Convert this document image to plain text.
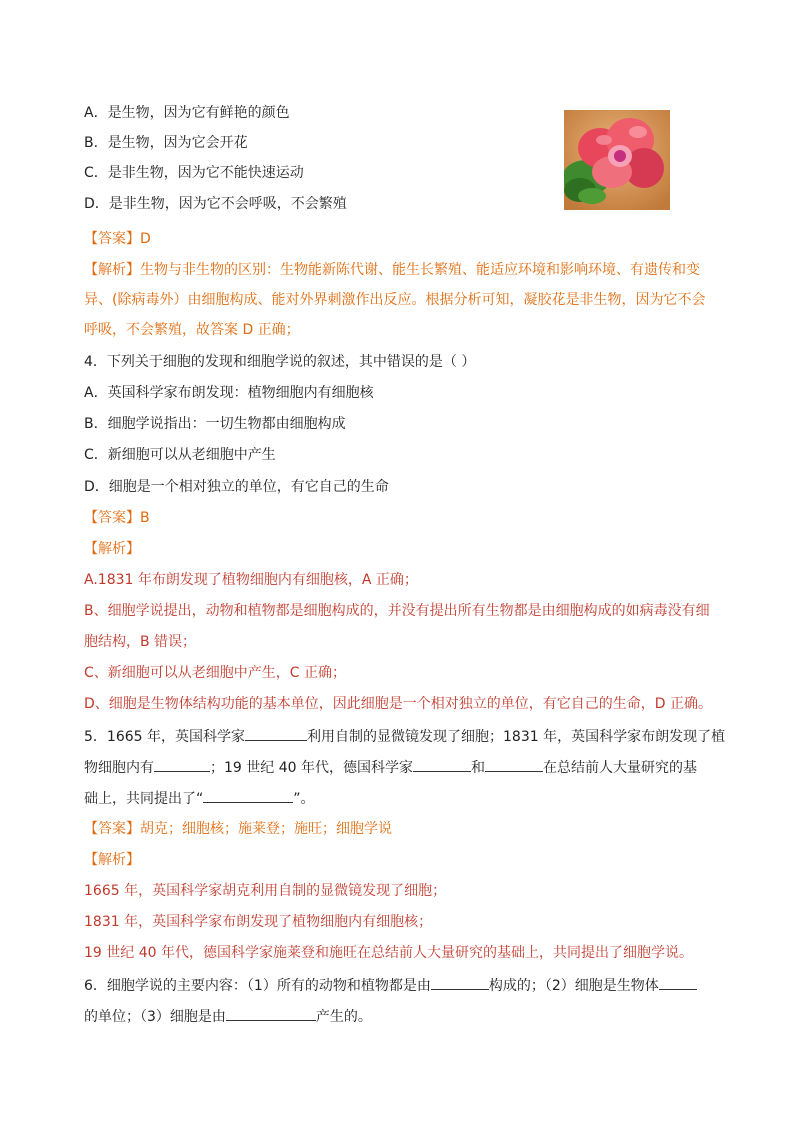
A．是生物，因为它有鲜艳的颜色
B．是生物，因为它会开花
C．是非生物，因为它不能快速运动
D．是非生物，因为它不会呼吸，不会繁殖
【答案】D
【解析】生物与非生物的区别：生物能新陈代谢、能生长繁殖、能适应环境和影响环境、有遗传和变
异、(除病毒外）由细胞构成、能对外界刺激作出反应。根据分析可知，凝胶花是非生物，因为它不会
呼吸，不会繁殖，故答案 D 正确；
4．下列关于细胞的发现和细胞学说的叙述，其中错误的是（ ）
A．英国科学家布朗发现：植物细胞内有细胞核
B．细胞学说指出：一切生物都由细胞构成
C．新细胞可以从老细胞中产生
D．细胞是一个相对独立的单位，有它自己的生命
【答案】B
【解析】
A.1831 年布朗发现了植物细胞内有细胞核，A 正确；
B、细胞学说提出，动物和植物都是细胞构成的，并没有提出所有生物都是由细胞构成的如病毒没有细
胞结构，B 错误；
C、新细胞可以从老细胞中产生，C 正确；
D、细胞是生物体结构功能的基本单位，因此细胞是一个相对独立的单位，有它自己的生命，D 正确。
5．1665 年，英国科学家	利用自制的显微镜发现了细胞；1831 年，英国科学家布朗发现了植
物细胞内有	；19 世纪 40 年代，德国科学家	和	在总结前人大量研究的基
础上，共同提出了“	”。
【答案】胡克；细胞核；施莱登；施旺；细胞学说
【解析】
1665 年，英国科学家胡克利用自制的显微镜发现了细胞；
1831 年，英国科学家布朗发现了植物细胞内有细胞核；
19 世纪 40 年代，德国科学家施莱登和施旺在总结前人大量研究的基础上，共同提出了细胞学说。
6．细胞学说的主要内容：（1）所有的动物和植物都是由	构成的；（2）细胞是生物体
的单位；（3）细胞是由	产生的。
